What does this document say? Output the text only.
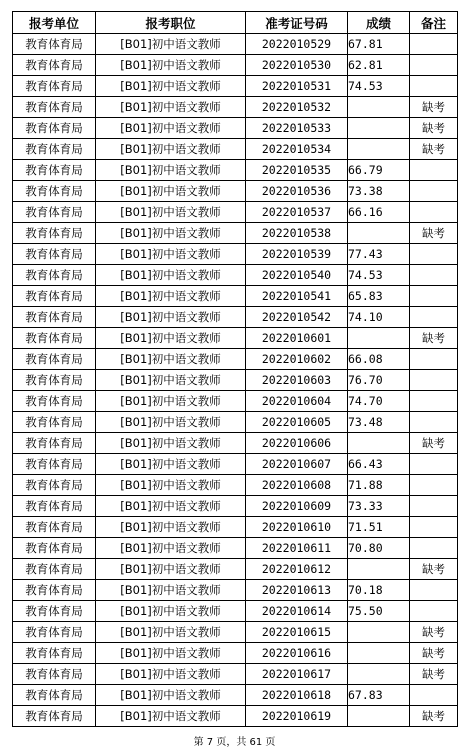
报考单位	报考职位	准考证号码	成绩	备注
教育体育局	[B01]初中语文教师	2022010529	67.81	
教育体育局	[B01]初中语文教师	2022010530	62.81	
教育体育局	[B01]初中语文教师	2022010531	74.53	
教育体育局	[B01]初中语文教师	2022010532		缺考
教育体育局	[B01]初中语文教师	2022010533		缺考
教育体育局	[B01]初中语文教师	2022010534		缺考
教育体育局	[B01]初中语文教师	2022010535	66.79	
教育体育局	[B01]初中语文教师	2022010536	73.38	
教育体育局	[B01]初中语文教师	2022010537	66.16	
教育体育局	[B01]初中语文教师	2022010538		缺考
教育体育局	[B01]初中语文教师	2022010539	77.43	
教育体育局	[B01]初中语文教师	2022010540	74.53	
教育体育局	[B01]初中语文教师	2022010541	65.83	
教育体育局	[B01]初中语文教师	2022010542	74.10	
教育体育局	[B01]初中语文教师	2022010601		缺考
教育体育局	[B01]初中语文教师	2022010602	66.08	
教育体育局	[B01]初中语文教师	2022010603	76.70	
教育体育局	[B01]初中语文教师	2022010604	74.70	
教育体育局	[B01]初中语文教师	2022010605	73.48	
教育体育局	[B01]初中语文教师	2022010606		缺考
教育体育局	[B01]初中语文教师	2022010607	66.43	
教育体育局	[B01]初中语文教师	2022010608	71.88	
教育体育局	[B01]初中语文教师	2022010609	73.33	
教育体育局	[B01]初中语文教师	2022010610	71.51	
教育体育局	[B01]初中语文教师	2022010611	70.80	
教育体育局	[B01]初中语文教师	2022010612		缺考
教育体育局	[B01]初中语文教师	2022010613	70.18	
教育体育局	[B01]初中语文教师	2022010614	75.50	
教育体育局	[B01]初中语文教师	2022010615		缺考
教育体育局	[B01]初中语文教师	2022010616		缺考
教育体育局	[B01]初中语文教师	2022010617		缺考
教育体育局	[B01]初中语文教师	2022010618	67.83	
教育体育局	[B01]初中语文教师	2022010619		缺考
第 7 页，共 61 页
